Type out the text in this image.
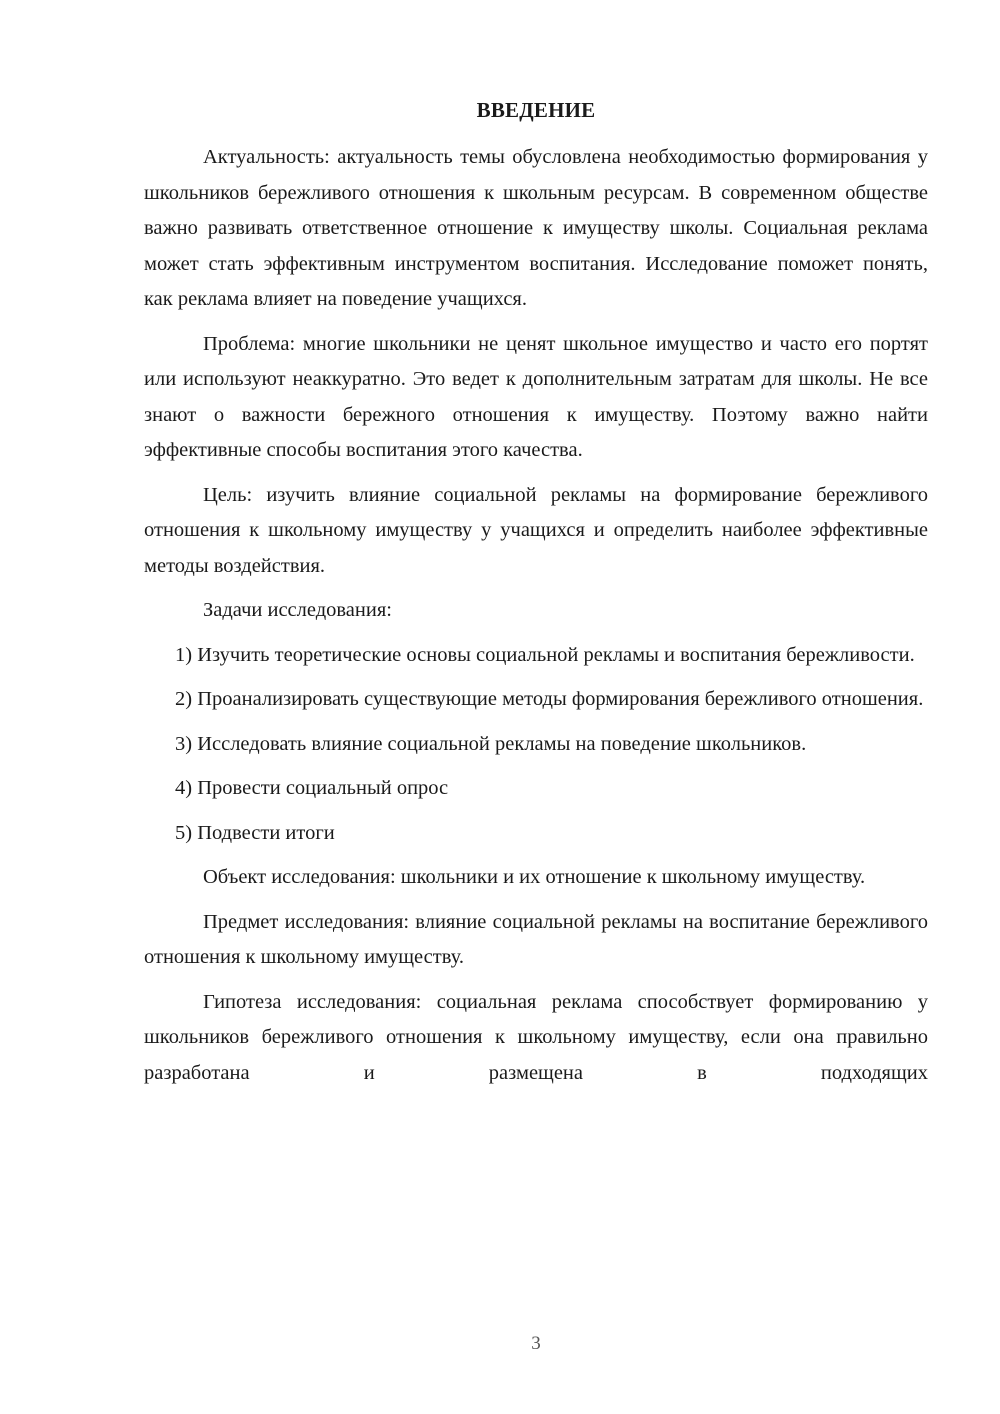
ВВЕДЕНИЕ

Актуальность: актуальность темы обусловлена необходимостью формирования у школьников бережливого отношения к школьным ресурсам. В современном обществе важно развивать ответственное отношение к имуществу школы. Социальная реклама может стать эффективным инструментом воспитания. Исследование поможет понять, как реклама влияет на поведение учащихся.

Проблема: многие школьники не ценят школьное имущество и часто его портят или используют неаккуратно. Это ведет к дополнительным затратам для школы. Не все знают о важности бережного отношения к имуществу. Поэтому важно найти эффективные способы воспитания этого качества.

Цель: изучить влияние социальной рекламы на формирование бережливого отношения к школьному имуществу у учащихся и определить наиболее эффективные методы воздействия.

Задачи исследования:

1) Изучить теоретические основы социальной рекламы и воспитания бережливости.

2) Проанализировать существующие методы формирования бережливого отношения.

3) Исследовать влияние социальной рекламы на поведение школьников.

4) Провести социальный опрос

5) Подвести итоги

Объект исследования: школьники и их отношение к школьному имуществу.

Предмет исследования: влияние социальной рекламы на воспитание бережливого отношения к школьному имуществу.

Гипотеза исследования: социальная реклама способствует формированию у школьников бережливого отношения к школьному имуществу, если она правильно разработана и размещена в подходящих

3
